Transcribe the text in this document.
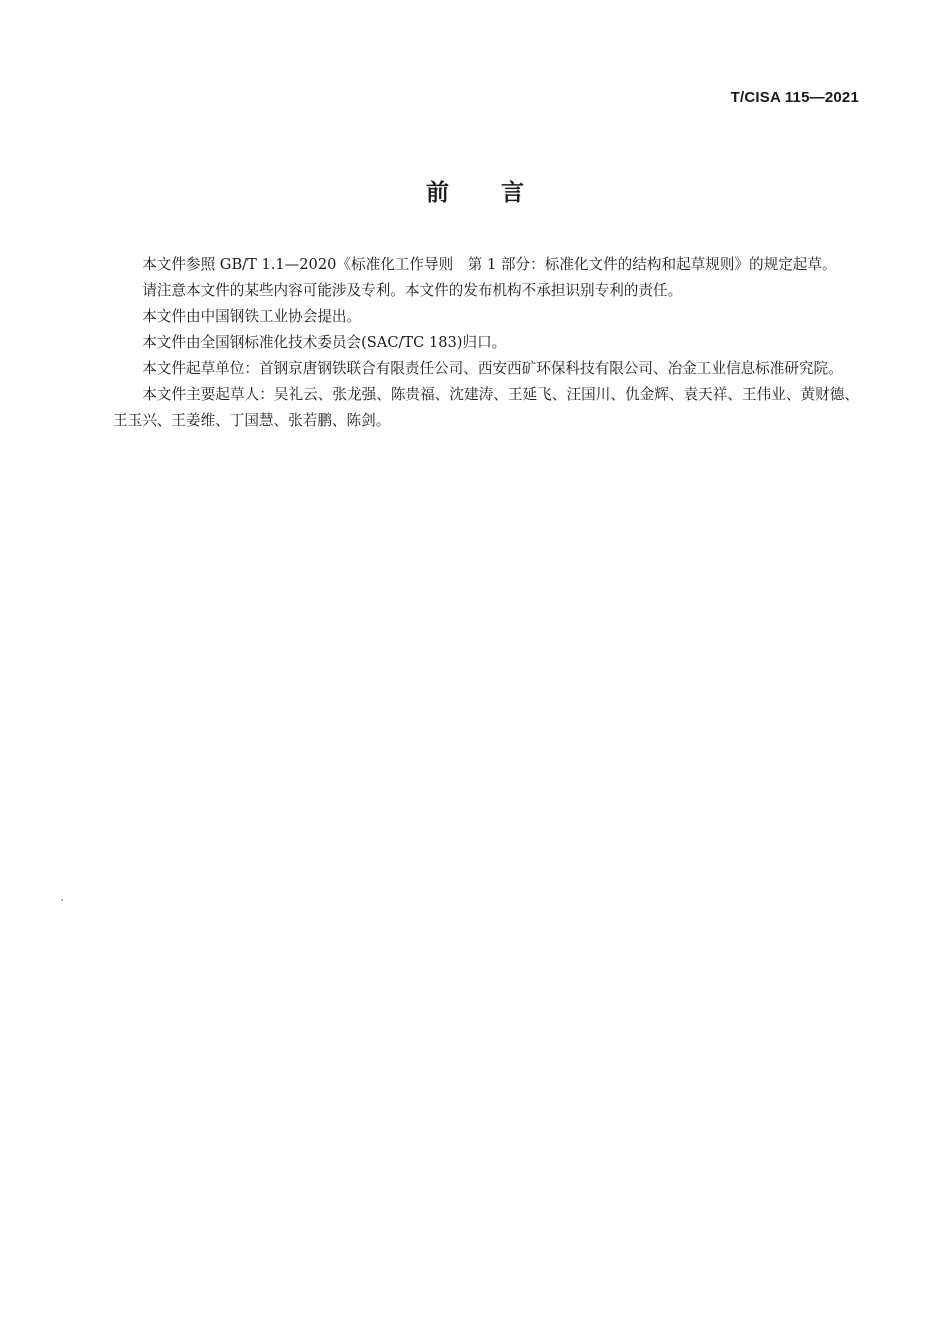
T/CISA 115—2021
前言

本文件参照 GB/T 1.1—2020《标准化工作导则　第 1 部分：标准化文件的结构和起草规则》的规定起草。

请注意本文件的某些内容可能涉及专利。本文件的发布机构不承担识别专利的责任。

本文件由中国钢铁工业协会提出。

本文件由全国钢标准化技术委员会(SAC/TC 183)归口。

本文件起草单位：首钢京唐钢铁联合有限责任公司、西安西矿环保科技有限公司、冶金工业信息标准研究院。

本文件主要起草人：吴礼云、张龙强、陈贵福、沈建涛、王延飞、汪国川、仇金辉、袁天祥、王伟业、黄财德、王玉兴、王姜维、丁国慧、张若鹏、陈剑。
